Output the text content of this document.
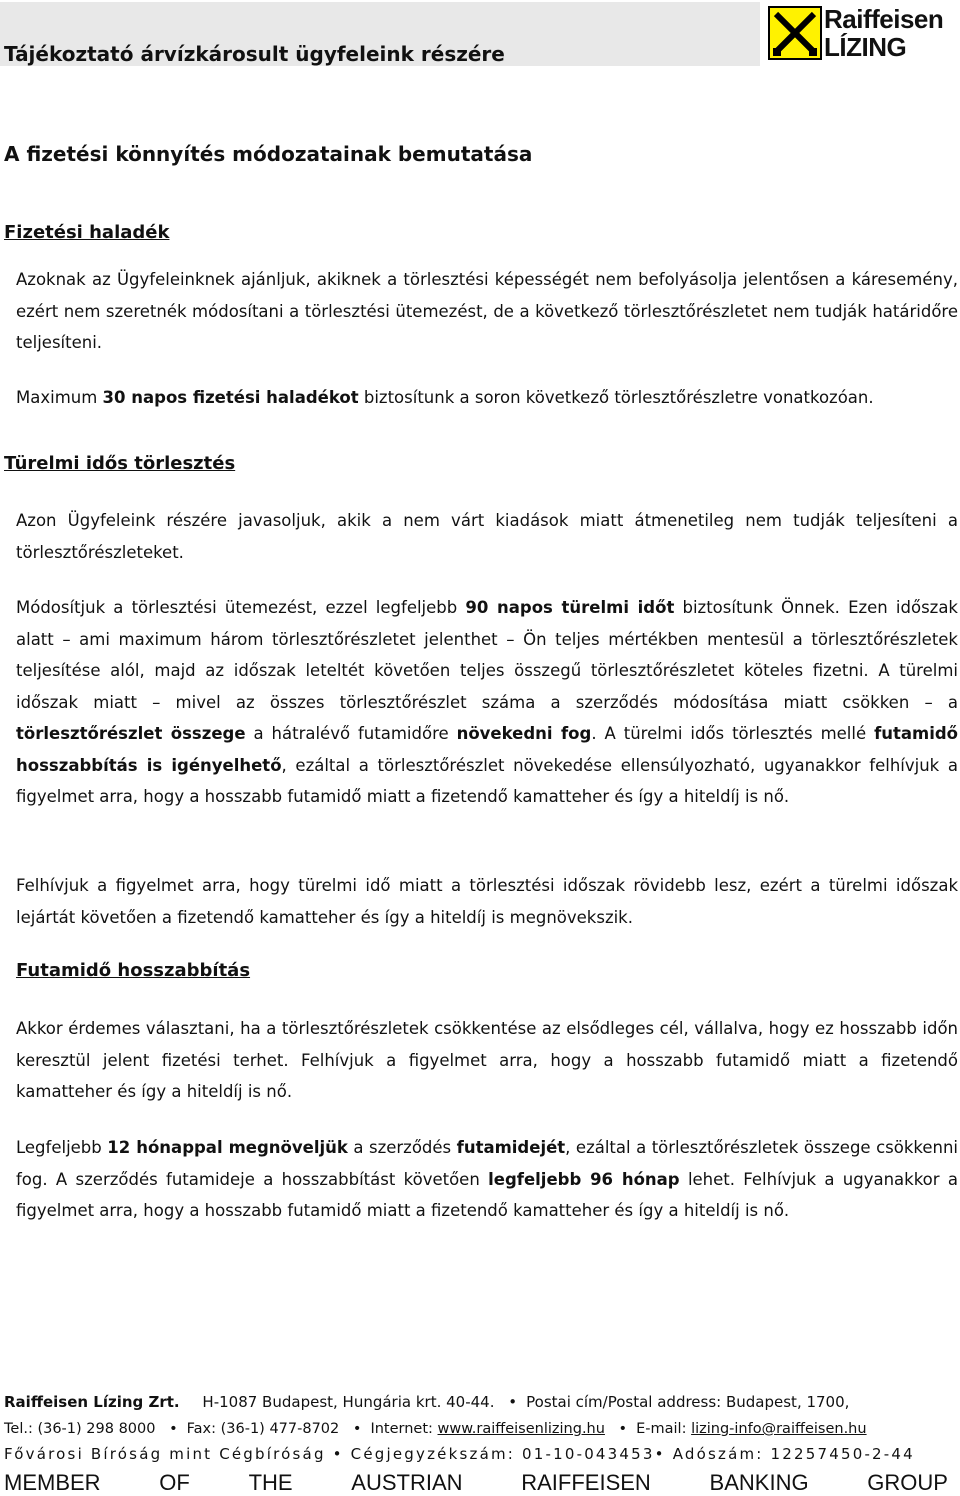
Tájékoztató árvízkárosult ügyfeleink részére
Raiffeisen
LÍZING
A fizetési könnyítés módozatainak bemutatása
Fizetési haladék

Azoknak az Ügyfeleinknek ajánljuk, akiknek a törlesztési képességét nem befolyásolja jelentősen a káresemény, ezért nem szeretnék módosítani a törlesztési ütemezést, de a következő törlesztőrészletet nem tudják határidőre teljesíteni.

Maximum 30 napos fizetési haladékot biztosítunk a soron következő törlesztőrészletre vonatkozóan.

Türelmi idős törlesztés

Azon Ügyfeleink részére javasoljuk, akik a nem várt kiadások miatt átmenetileg nem tudják teljesíteni a törlesztőrészleteket.

Módosítjuk a törlesztési ütemezést, ezzel legfeljebb 90 napos türelmi időt biztosítunk Önnek. Ezen időszak alatt – ami maximum három törlesztőrészletet jelenthet – Ön teljes mértékben mentesül a törlesztőrészletek teljesítése alól, majd az időszak leteltét követően teljes összegű törlesztőrészletet köteles fizetni. A türelmi időszak miatt – mivel az összes törlesztőrészlet száma a szerződés módosítása miatt csökken – a törlesztőrészlet összege a hátralévő futamidőre növekedni fog. A türelmi idős törlesztés mellé futamidő hosszabbítás is igényelhető, ezáltal a törlesztőrészlet növekedése ellensúlyozható, ugyanakkor felhívjuk a figyelmet arra, hogy a hosszabb futamidő miatt a fizetendő kamatteher és így a hiteldíj is nő.

Felhívjuk a figyelmet arra, hogy türelmi idő miatt a törlesztési időszak rövidebb lesz, ezért a türelmi időszak lejártát követően a fizetendő kamatteher és így a hiteldíj is megnövekszik.

Futamidő hosszabbítás

Akkor érdemes választani, ha a törlesztőrészletek csökkentése az elsődleges cél, vállalva, hogy ez hosszabb időn keresztül jelent fizetési terhet. Felhívjuk a figyelmet arra, hogy a hosszabb futamidő miatt a fizetendő kamatteher és így a hiteldíj is nő.

Legfeljebb 12 hónappal megnöveljük a szerződés futamidejét, ezáltal a törlesztőrészletek összege csökkenni fog. A szerződés futamideje a hosszabbítást követően legfeljebb 96 hónap lehet. Felhívjuk a ugyanakkor a figyelmet arra, hogy a hosszabb futamidő miatt a fizetendő kamatteher és így a hiteldíj is nő.

Raiffeisen Lízing Zrt. H-1087 Budapest, Hungária krt. 40-44. • Postai cím/Postal address: Budapest, 1700,
Tel.: (36-1) 298 8000 • Fax: (36-1) 477-8702 • Internet: www.raiffeisenlizing.hu • E-mail: lizing-info@raiffeisen.hu
Fővárosi Bíróság mint Cégbíróság • Cégjegyzékszám: 01-10-043453• Adószám: 12257450-2-44
MEMBER	OF	THE	AUSTRIAN	RAIFFEISEN	BANKING	GROUP
